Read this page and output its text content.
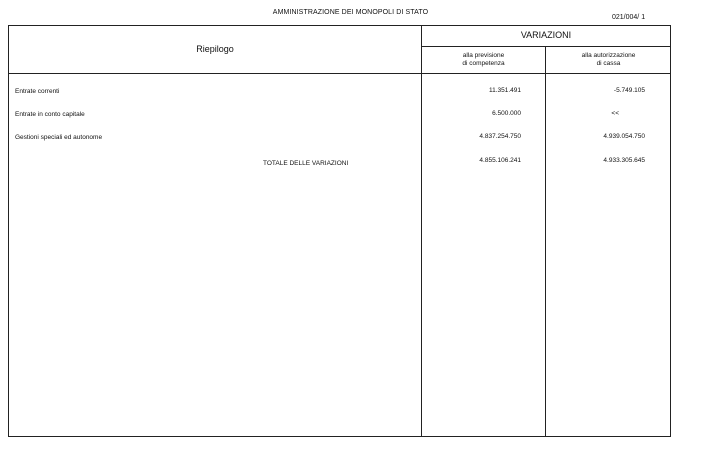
AMMINISTRAZIONE DEI MONOPOLI DI STATO
021/004/ 1
Riepilogo
VARIAZIONI
alla previsione
di competenza
alla autorizzazione
di cassa
Entrate correnti	11.351.491	-5.749.105
Entrate in conto capitale	6.500.000	<<
Gestioni speciali ed autonome	4.837.254.750	4.939.054.750
TOTALE DELLE VARIAZIONI	4.855.106.241	4.933.305.645
